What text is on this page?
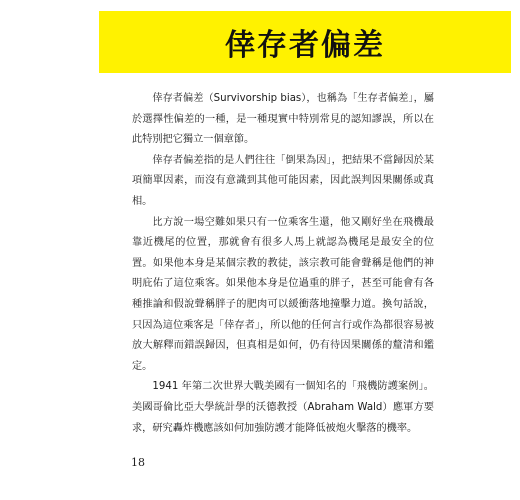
倖存者偏差

倖存者偏差（Survivorship bias），也稱為「生存者偏差」，屬於選擇性偏差的一種，是一種現實中特別常見的認知謬誤，所以在此特別把它獨立一個章節。

倖存者偏差指的是人們往往「倒果為因」，把結果不當歸因於某項簡單因素，而沒有意識到其他可能因素，因此誤判因果關係或真相。

比方說一場空難如果只有一位乘客生還，他又剛好坐在飛機最靠近機尾的位置，那就會有很多人馬上就認為機尾是最安全的位置。如果他本身是某個宗教的教徒，該宗教可能會聲稱是他們的神明庇佑了這位乘客。如果他本身是位過重的胖子，甚至可能會有各種推論和假說聲稱胖子的肥肉可以緩衝落地撞擊力道。換句話說，只因為這位乘客是「倖存者」，所以他的任何言行或作為都很容易被放大解釋而錯誤歸因，但真相是如何，仍有待因果關係的釐清和鑑定。

1941 年第二次世界大戰美國有一個知名的「飛機防護案例」。美國哥倫比亞大學統計學的沃德教授（Abraham Wald）應軍方要求，研究轟炸機應該如何加強防護才能降低被炮火擊落的機率。

18
